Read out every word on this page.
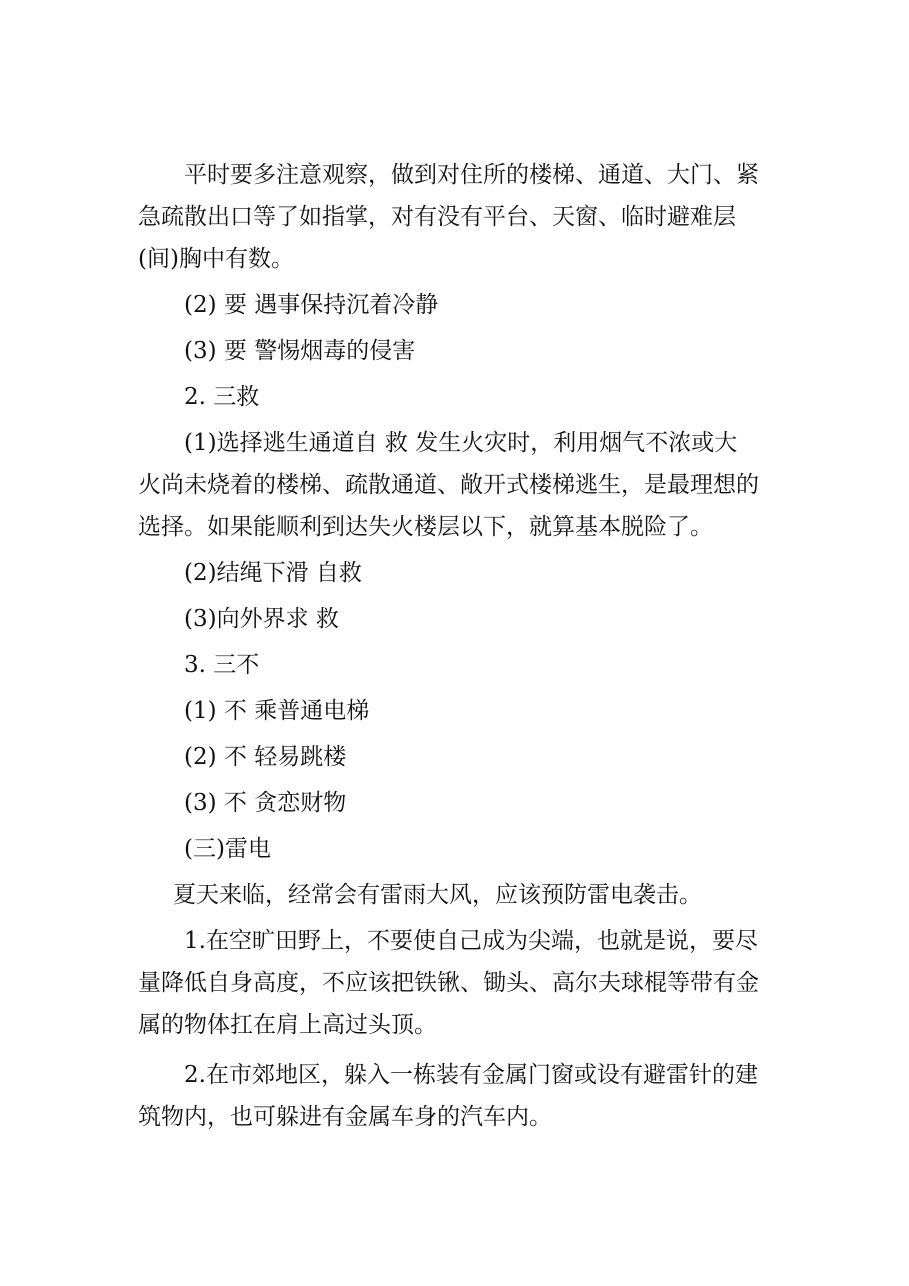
平时要多注意观察，做到对住所的楼梯、通道、大门、紧

急疏散出口等了如指掌，对有没有平台、天窗、临时避难层

(间)胸中有数。

(2) 要 遇事保持沉着冷静

(3) 要 警惕烟毒的侵害

2. 三救

(1)选择逃生通道自 救 发生火灾时，利用烟气不浓或大

火尚未烧着的楼梯、疏散通道、敞开式楼梯逃生，是最理想的

选择。如果能顺利到达失火楼层以下，就算基本脱险了。

(2)结绳下滑 自救

(3)向外界求 救

3. 三不

(1) 不 乘普通电梯

(2) 不 轻易跳楼

(3) 不 贪恋财物

(三)雷电

夏天来临，经常会有雷雨大风，应该预防雷电袭击。

1.在空旷田野上，不要使自己成为尖端，也就是说，要尽

量降低自身高度，不应该把铁锹、锄头、高尔夫球棍等带有金

属的物体扛在肩上高过头顶。

2.在市郊地区，躲入一栋装有金属门窗或设有避雷针的建

筑物内，也可躲进有金属车身的汽车内。
